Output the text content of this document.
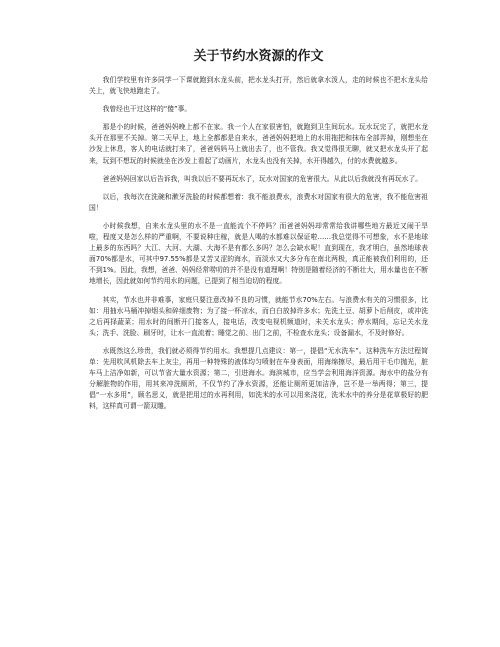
关于节约水资源的作文

我们学校里有许多同学一下课就跑到水龙头前，把水龙头打开，然后就拿水泼人，走的时候也不把水龙头给关上，就飞快地跑走了。

我曾经也干过这样的“傻”事。

那是小的时候，爸爸妈妈晚上都不在家。我一个人在家很害怕，就跑到卫生间玩水。玩水玩完了，就把水龙头开在那里不关掉。第二天早上，地上全都都是自来水，爸爸妈妈把地上的水用拖把和抹布全部弄掉，刚想坐在沙发上休息，客人的电话就打来了，爸爸妈妈马上就出去了，也不管我。我又觉得很无聊，就又把水龙头开了起来，玩到不想玩的时候就坐在沙发上看起了动画片，水龙头也没有关掉，水开得越久，付的水费就越多。

爸爸妈妈回家以后告诉我，叫我以后不要再玩水了，玩水对国家的危害很大。从此以后我就没有再玩水了。

以后，我每次在洗碗和漱牙洗脸的时候都想着：我不能浪费水，浪费水对国家有很大的危害，我不能危害祖国！

小时候我想，自来水龙头里的水不是一直能流个不停吗？而爸爸妈妈却常常给我讲哪些地方最近又闹干旱啦，程度又是怎么样的严重啊，不要说种庄稼，就是人喝的水都难以保证啦……我总觉得不可想象，水不是地球上最多的东西吗？大江、大河、大湖、大海不是有都么多吗？怎么会缺水呢！直到现在，我才明白，虽然地球表面70%都是水，可其中97.55%都是又苦又涩的海水，而淡水又大多分布在南北两极，真正能被我们利用的，还不到1%。因此，我想，爸爸、妈妈经常唠叨的并不是没有道理啊！特别是随着经济的不断壮大，用水量也在不断地增长，因此就如何节约用水的问题，已提到了相当迫切的程度。

其实，节水也并非难事，家庭只要注意改掉不良的习惯，就能节水70%左右。与浪费水有关的习惯很多，比如：用抽水马桶冲掉烟头和碎细废物；为了接一杯凉水，而白白放掉许多水；先洗土豆、胡萝卜后削皮，或冲洗之后再择蔬菜；用水时的间断开门接客人，接电话，改变电视机频道时，未关水龙头；停水期间，忘记关水龙头；洗手、洗脸、刷牙时，让水一直流着；睡觉之前、出门之前，不检查水龙头；设备漏水，不及时修好。

水既然这么珍贵，我们就必须得节约用水。我想提几点建议：第一，提倡“无水洗车”。这种洗车方法过程简单：先用吹风机除去车上灰尘，再用一种特殊的液体均匀喷射在车身表面，用海绵擦尽，最后用干毛巾抛光，脏车马上洁净如新，可以节省大量水资源；第二，引进海水。海滨城市，应当学会利用海洋资源。海水中的盐分有分解脏物的作用，用其来冲洗厕所，不仅节约了净水资源，还能让厕所更加洁净，岂不是一举两得；第三，提倡“一水多用”，顾名思义，就是把用过的水再利用，如洗米的水可以用来浇花，洗米水中的养分是花草极好的肥料，这样真可谓一箭双雕。
